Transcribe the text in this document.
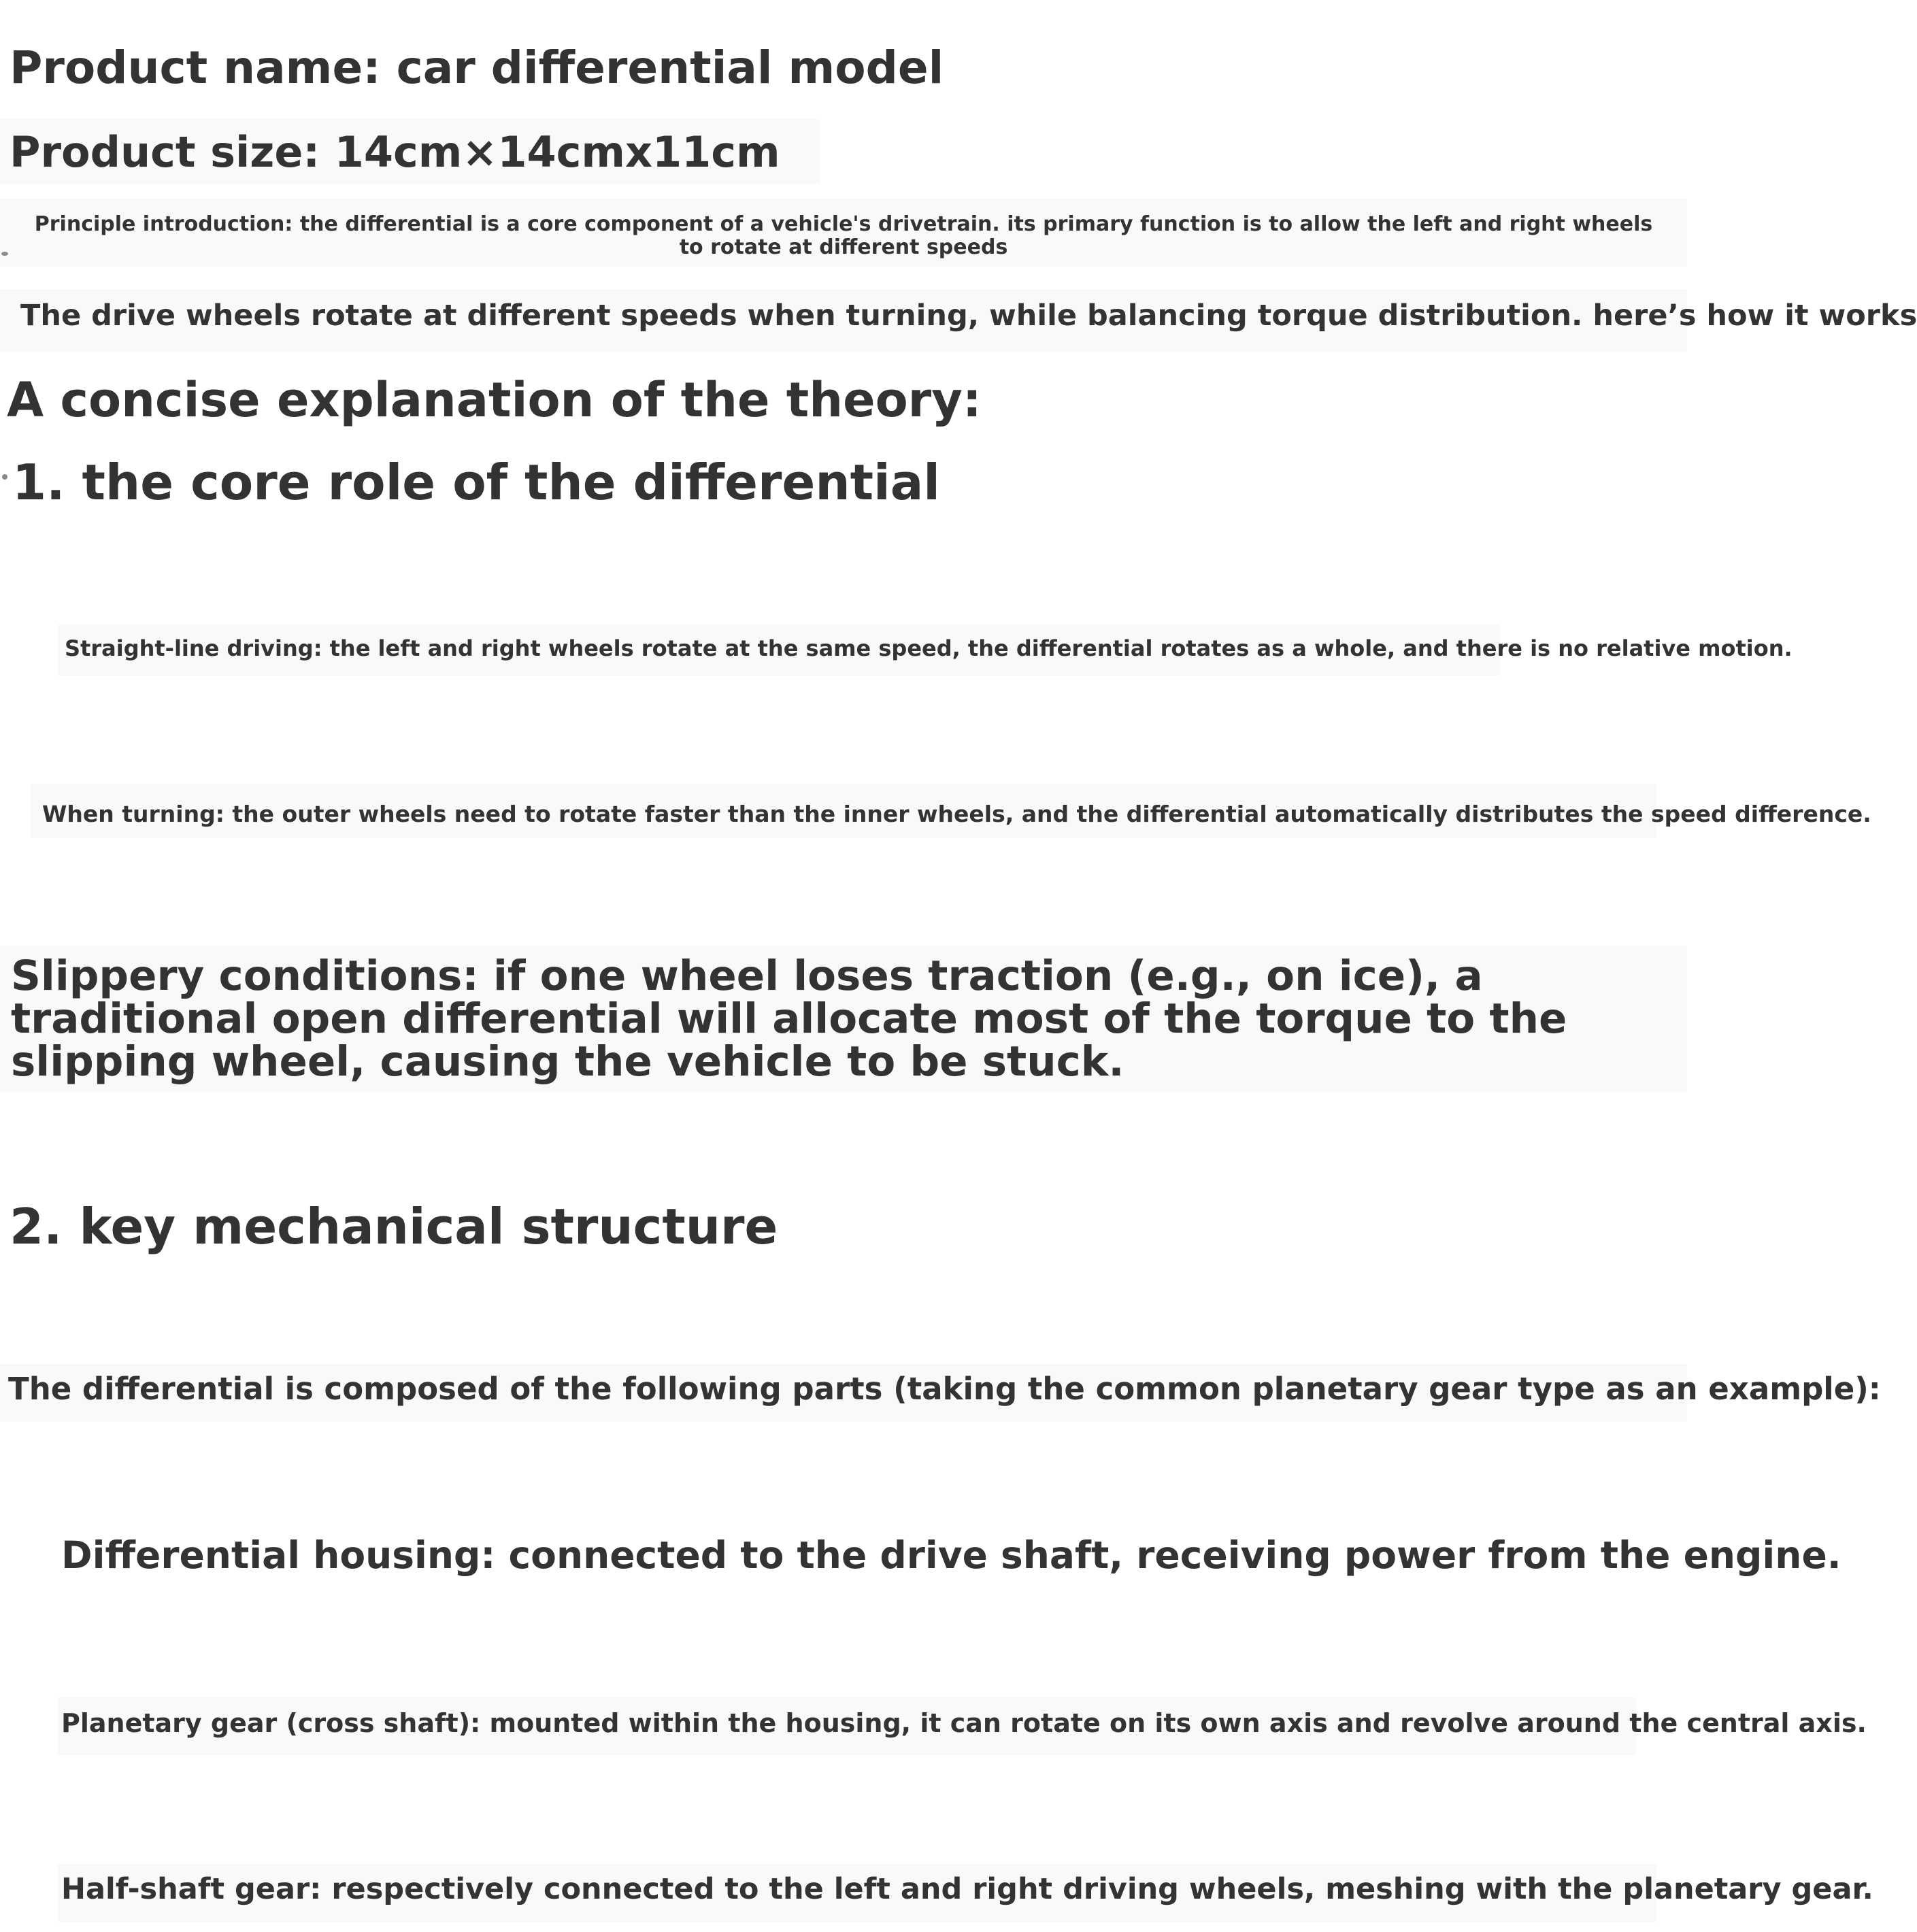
Product name: car differential model
Product size: 14cm×14cmx11cm

Principle introduction: the differential is a core component of a vehicle's drivetrain. its primary function is to allow the left and right wheels to rotate at different speeds

The drive wheels rotate at different speeds when turning, while balancing torque distribution. here’s how it works

A concise explanation of the theory:
1. the core role of the differential

Straight-line driving: the left and right wheels rotate at the same speed, the differential rotates as a whole, and there is no relative motion.

When turning: the outer wheels need to rotate faster than the inner wheels, and the differential automatically distributes the speed difference.

Slippery conditions: if one wheel loses traction (e.g., on ice), a traditional open differential will allocate most of the torque to the slipping wheel, causing the vehicle to be stuck.

2. key mechanical structure

The differential is composed of the following parts (taking the common planetary gear type as an example):

Differential housing: connected to the drive shaft, receiving power from the engine.

Planetary gear (cross shaft): mounted within the housing, it can rotate on its own axis and revolve around the central axis.

Half-shaft gear: respectively connected to the left and right driving wheels, meshing with the planetary gear.
